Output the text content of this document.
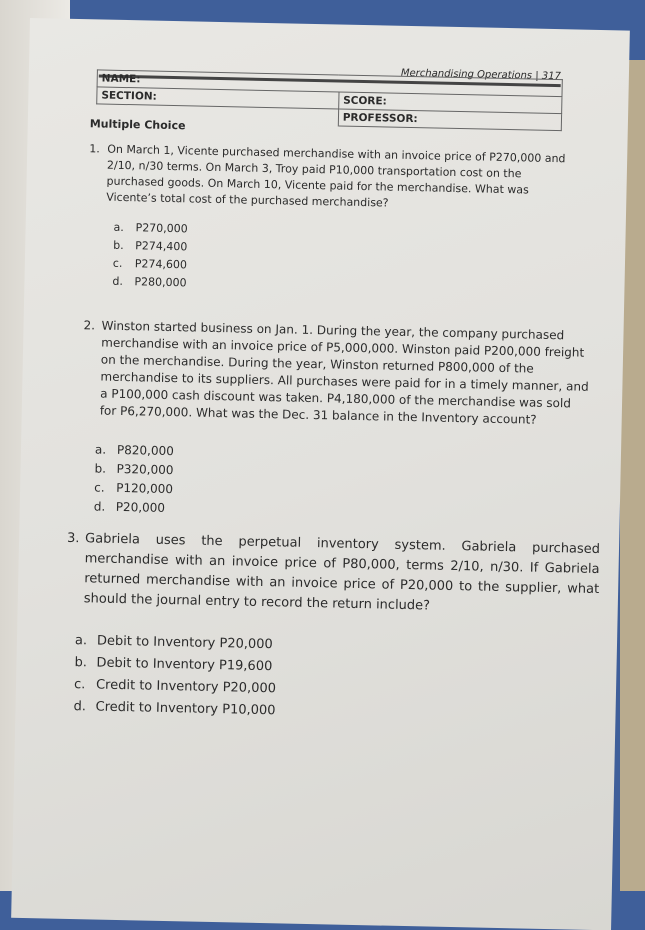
Merchandising Operations | 317
NAME:	
SECTION:	SCORE:
	PROFESSOR:
Multiple Choice
1. On March 1, Vicente purchased merchandise with an invoice price of P270,000 and 2/10, n/30 terms. On March 3, Troy paid P10,000 transportation cost on the purchased goods. On March 10, Vicente paid for the merchandise. What was Vicente’s total cost of the purchased merchandise?
a. P270,000
b. P274,400
c. P274,600
d. P280,000
2. Winston started business on Jan. 1. During the year, the company purchased merchandise with an invoice price of P5,000,000. Winston paid P200,000 freight on the merchandise. During the year, Winston returned P800,000 of the merchandise to its suppliers. All purchases were paid for in a timely manner, and a P100,000 cash discount was taken. P4,180,000 of the merchandise was sold for P6,270,000. What was the Dec. 31 balance in the Inventory account?
a. P820,000
b. P320,000
c. P120,000
d. P20,000
3. Gabriela uses the perpetual inventory system. Gabriela purchased merchandise with an invoice price of P80,000, terms 2/10, n/30. If Gabriela returned merchandise with an invoice price of P20,000 to the supplier, what should the journal entry to record the return include?
a. Debit to Inventory P20,000
b. Debit to Inventory P19,600
c. Credit to Inventory P20,000
d. Credit to Inventory P10,000
